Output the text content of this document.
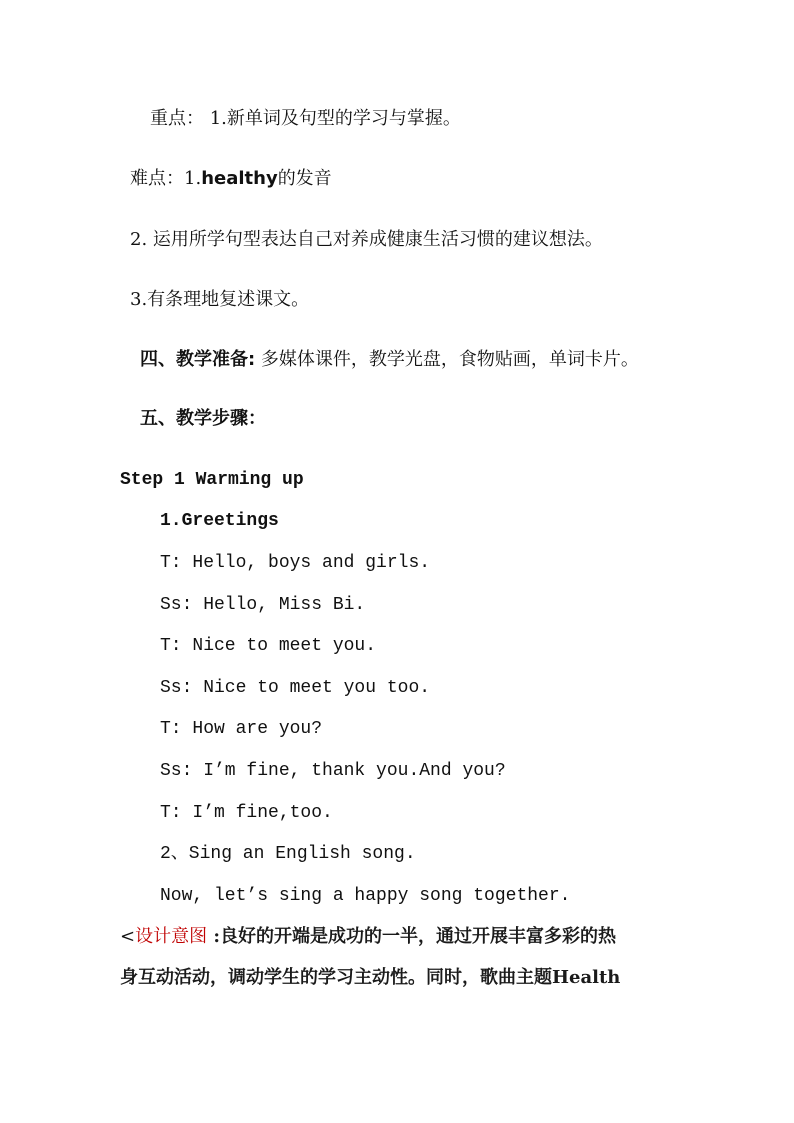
重点： 1.新单词及句型的学习与掌握。
难点：1.healthy的发音
2. 运用所学句型表达自己对养成健康生活习惯的建议想法。
3.有条理地复述课文。
四、教学准备: 多媒体课件，教学光盘，食物贴画，单词卡片。
五、教学步骤：
Step 1 Warming up
1.Greetings
T: Hello, boys and girls.
Ss: Hello, Miss Bi.
T: Nice to meet you.
Ss: Nice to meet you too.
T: How are you?
Ss: I’m fine, thank you.And you?
T: I’m fine,too.
2、Sing an English song.
Now, let’s sing a happy song together.
<设计意图 :良好的开端是成功的一半，通过开展丰富多彩的热
身互动活动，调动学生的学习主动性。同时，歌曲主题Health
